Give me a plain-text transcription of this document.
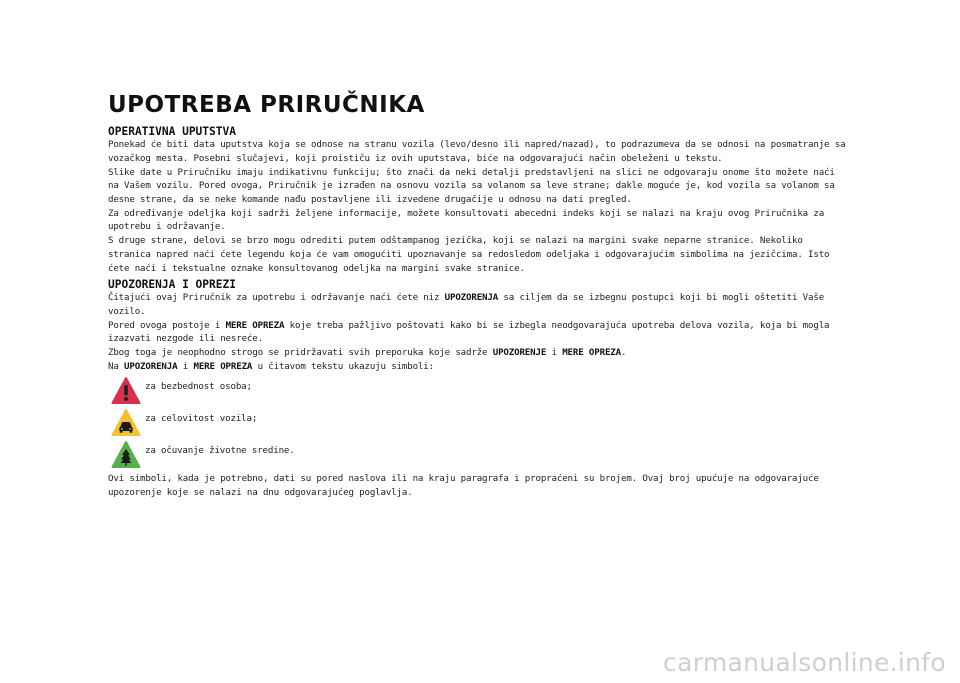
UPOTREBA PRIRUČNIKA
OPERATIVNA UPUTSTVA

Ponekad će biti data uputstva koja se odnose na stranu vozila (levo/desno ili napred/nazad), to podrazumeva da se odnosi na posmatranje sa vozačkog mesta. Posebni slučajevi, koji proističu iz ovih uputstava, biće na odgovarajući način obeleženi u tekstu.

Slike date u Priručniku imaju indikativnu funkciju; što znači da neki detalji predstavljeni na slici ne odgovaraju onome što možete naći na Vašem vozilu. Pored ovoga, Priručnik je izrađen na osnovu vozila sa volanom sa leve strane; dakle moguće je, kod vozila sa volanom sa desne strane, da se neke komande nađu postavljene ili izvedene drugačije u odnosu na dati pregled.

Za određivanje odeljka koji sadrži željene informacije, možete konsultovati abecedni indeks koji se nalazi na kraju ovog Priručnika za upotrebu i održavanje.

S druge strane, delovi se brzo mogu odrediti putem odštampanog jezička, koji se nalazi na margini svake neparne stranice. Nekoliko stranica napred naći ćete legendu koja će vam omogućiti upoznavanje sa redosledom odeljaka i odgovarajućim simbolima na jezičcima. Isto ćete naći i tekstualne oznake konsultovanog odeljka na margini svake stranice.

UPOZORENJA I OPREZI

Čitajući ovaj Priručnik za upotrebu i održavanje naći ćete niz UPOZORENJA sa ciljem da se izbegnu postupci koji bi mogli oštetiti Vaše vozilo.

Pored ovoga postoje i MERE OPREZA koje treba pažljivo poštovati kako bi se izbegla neodgovarajuća upotreba delova vozila, koja bi mogla izazvati nezgode ili nesreće.

Zbog toga je neophodno strogo se pridržavati svih preporuka koje sadrže UPOZORENJE i MERE OPREZA.

Na UPOZORENJA i MERE OPREZA u čitavom tekstu ukazuju simboli:

za bezbednost osoba;
za celovitost vozila;
za očuvanje životne sredine.

Ovi simboli, kada je potrebno, dati su pored naslova ili na kraju paragrafa i propraćeni su brojem. Ovaj broj upućuje na odgovarajuće upozorenje koje se nalazi na dnu odgovarajućeg poglavlja.

carmanualsonline.info
